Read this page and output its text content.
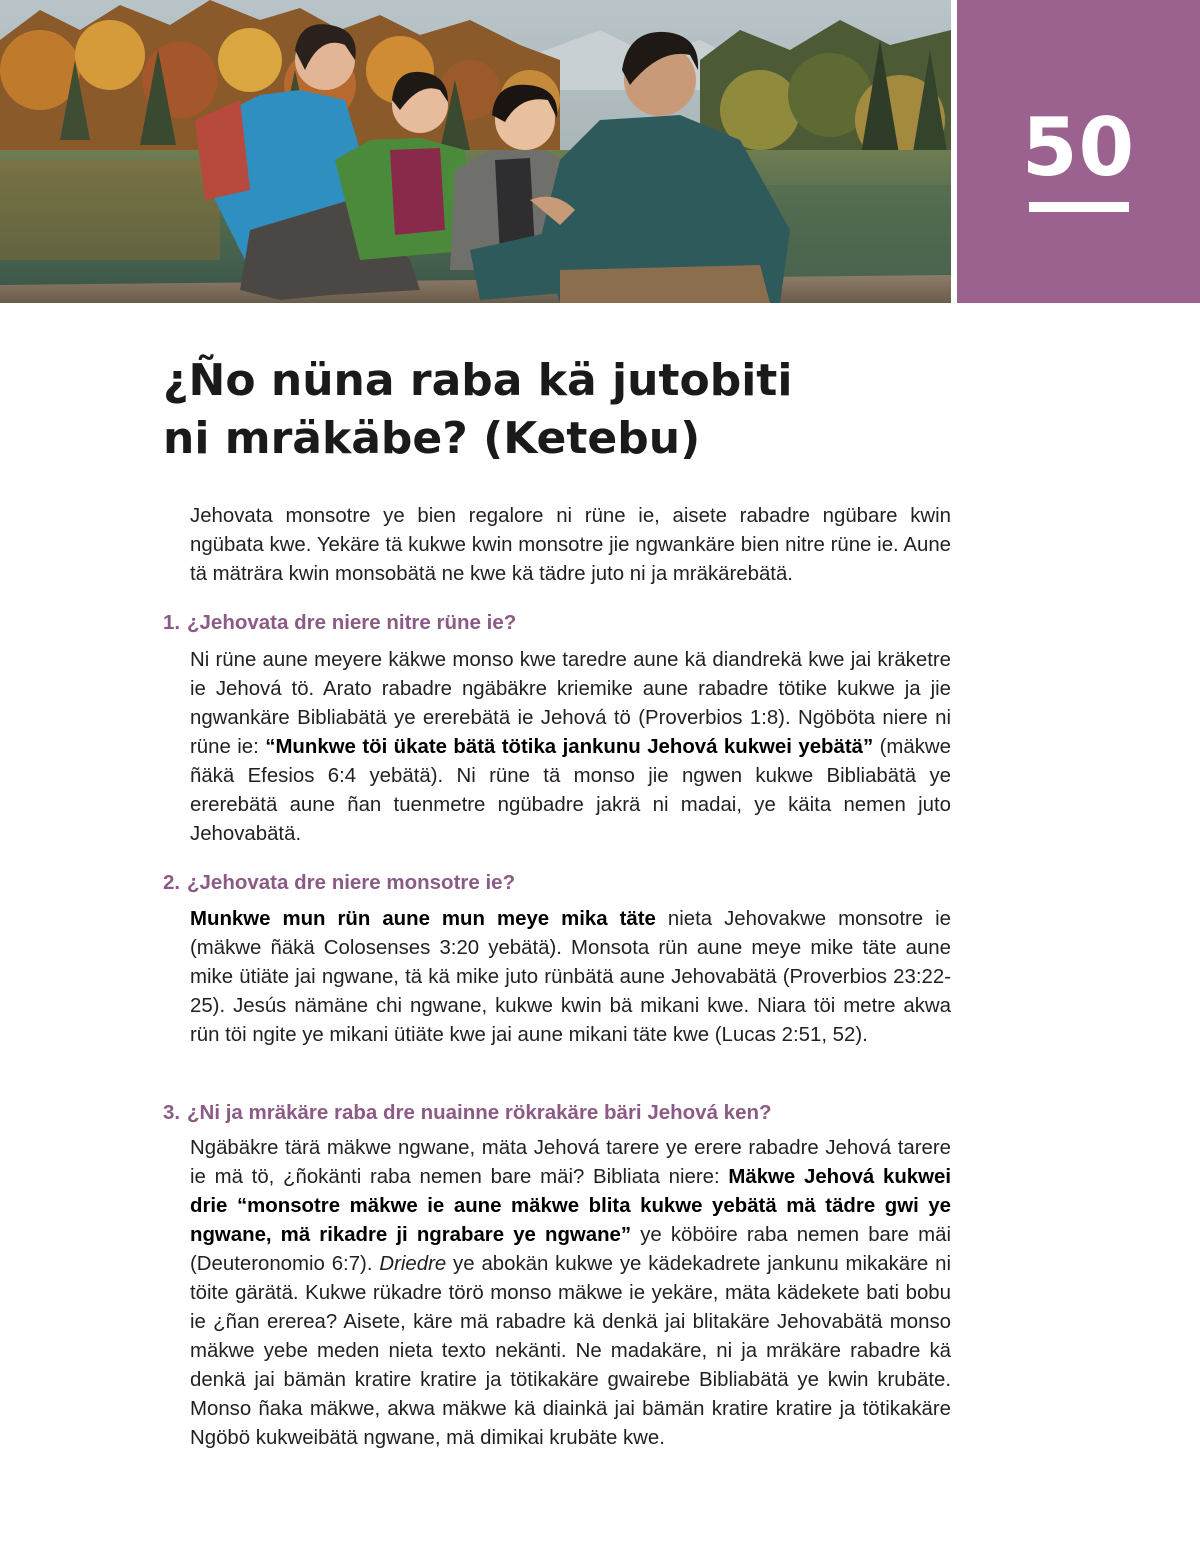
50
¿Ño nüna raba kä jutobiti
ni mräkäbe? (Ketebu)

Jehovata monsotre ye bien regalore ni rüne ie, aisete rabadre ngübare kwin ngübata kwe. Yekäre tä kukwe kwin monsotre jie ngwankäre bien nitre rüne ie. Aune tä mäträra kwin monsobätä ne kwe kä tädre juto ni ja mräkärebätä.

1. ¿Jehovata dre niere nitre rüne ie?

Ni rüne aune meyere käkwe monso kwe taredre aune kä diandrekä kwe jai kräketre ie Jehová tö. Arato rabadre ngäbäkre kriemike aune rabadre tötike kukwe ja jie ngwankäre Bibliabätä ye ererebätä ie Jehová tö (Proverbios 1:8). Ngöböta niere ni rüne ie: “Munkwe töi ükate bätä tötika jankunu Jehová kukwei yebätä” (mäkwe ñäkä Efesios 6:4 yebätä). Ni rüne tä monso jie ngwen kukwe Bibliabätä ye ererebätä aune ñan tuenmetre ngübadre jakrä ni madai, ye käita nemen juto Jehovabätä.

2. ¿Jehovata dre niere monsotre ie?

Munkwe mun rün aune mun meye mika täte nieta Jehovakwe monsotre ie (mäkwe ñäkä Colosenses 3:20 yebätä). Monsota rün aune meye mike täte aune mike ütiäte jai ngwane, tä kä mike juto rünbätä aune Jehovabätä (Proverbios 23:22-25). Jesús nämäne chi ngwane, kukwe kwin bä mikani kwe. Niara töi metre akwa rün töi ngite ye mikani ütiäte kwe jai aune mikani täte kwe (Lucas 2:51, 52).

3. ¿Ni ja mräkäre raba dre nuainne rökrakäre bäri Jehová ken?

Ngäbäkre tärä mäkwe ngwane, mäta Jehová tarere ye erere rabadre Jehová tarere ie mä tö, ¿ñokänti raba nemen bare mäi? Bibliata niere: Mäkwe Jehová kukwei drie “monsotre mäkwe ie aune mäkwe blita kukwe yebätä mä tädre gwi ye ngwane, mä rikadre ji ngrabare ye ngwane” ye köböire raba nemen bare mäi (Deuteronomio 6:7). Driedre ye abokän kukwe ye kädekadrete jankunu mikakäre ni töite gärätä. Kukwe rükadre törö monso mäkwe ie yekäre, mäta kädekete bati bobu ie ¿ñan ererea? Aisete, käre mä rabadre kä denkä jai blitakäre Jehovabätä monso mäkwe yebe meden nieta texto nekänti. Ne madakäre, ni ja mräkäre rabadre kä denkä jai bämän kratire kratire ja tötikakäre gwairebe Bibliabätä ye kwin krubäte. Monso ñaka mäkwe, akwa mäkwe kä diainkä jai bämän kratire kratire ja tötikakäre Ngöbö kukweibätä ngwane, mä dimikai krubäte kwe.
